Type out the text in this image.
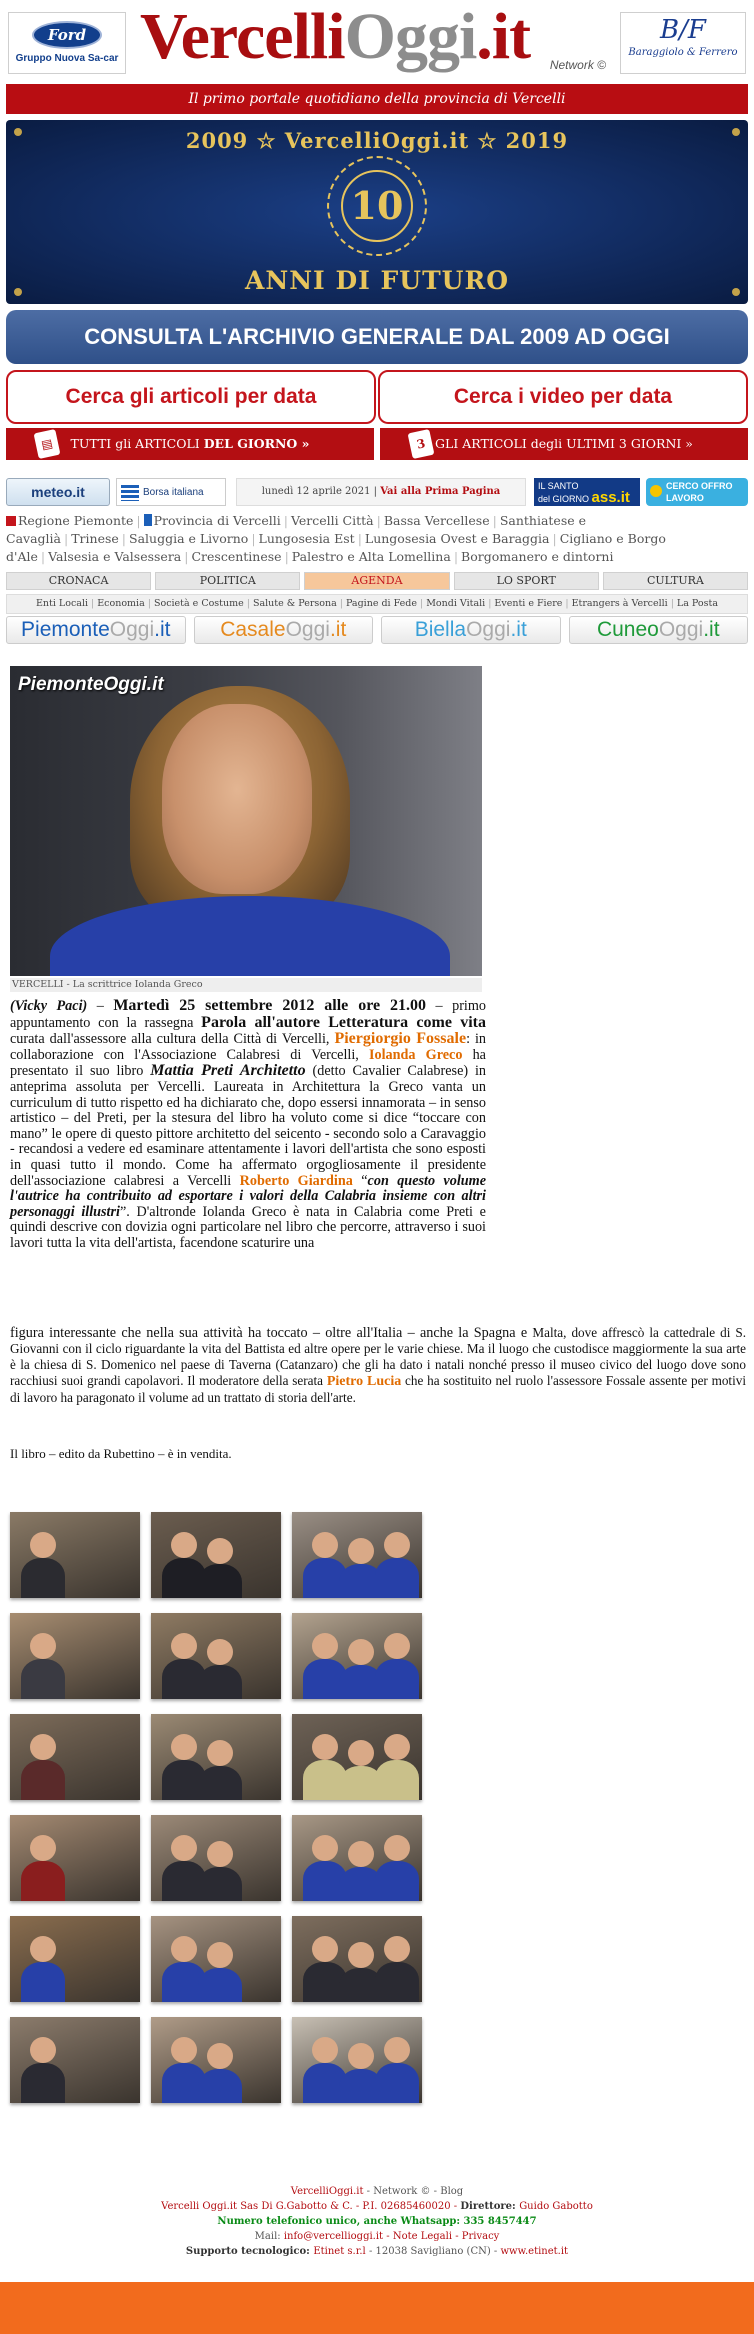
Ford
Gruppo Nuova Sa-car VercelliOggi.it	Network ©
B/F
Baraggiolo & Ferrero
Il primo portale quotidiano della provincia di Vercelli
2009 ☆ VercelliOggi.it ☆ 2019
10
ANNI DI FUTURO
CONSULTA L'ARCHIVIO GENERALE DAL 2009 AD OGGI
Cerca gli articoli per data	Cerca i video per data
▤	TUTTI gli ARTICOLI DEL GIORNO »	3 GLI ARTICOLI degli ULTIMI 3 GIORNI »
meteo.it	Borsa italiana	lunedì 12 aprile 2021 | Vai alla Prima Pagina	IL SANTO
del GIORNO ass.it
CERCO OFFRO
LAVORO
Regione Piemonte | Provincia di Vercelli | Vercelli Città | Bassa Vercellese | Santhiatese e Cavaglià | Trinese | Saluggia e Livorno | Lungosesia Est | Lungosesia Ovest e Baraggia | Cigliano e Borgo d'Ale | Valsesia e Valsessera | Crescentinese | Palestro e Alta Lomellina | Borgomanero e dintorni
CRONACA	POLITICA	AGENDA	LO SPORT	CULTURA
Enti Locali | Economia | Società e Costume | Salute & Persona | Pagine di Fede | Mondi Vitali | Eventi e Fiere | Etrangers à Vercelli | La Posta
PiemonteOggi.it	CasaleOggi.it	BiellaOggi.it	CuneoOggi.it
PiemonteOggi.it
VERCELLI - La scrittrice Iolanda Greco
(Vicky Paci) – Martedì 25 settembre 2012 alle ore 21.00 – primo appuntamento con la rassegna Parola all'autore Letteratura come vita curata dall'assessore alla cultura della Città di Vercelli, Piergiorgio Fossale: in collaborazione con l'Associazione Calabresi di Vercelli, Iolanda Greco ha presentato il suo libro Mattia Preti Architetto (detto Cavalier Calabrese) in anteprima assoluta per Vercelli. Laureata in Architettura la Greco vanta un curriculum di tutto rispetto ed ha dichiarato che, dopo essersi innamorata – in senso artistico – del Preti, per la stesura del libro ha voluto come si dice “toccare con mano” le opere di questo pittore architetto del seicento - secondo solo a Caravaggio - recandosi a vedere ed esaminare attentamente i lavori dell'artista che sono esposti in quasi tutto il mondo. Come ha affermato orgogliosamente il presidente dell'associazione calabresi a Vercelli Roberto Giardina “con questo volume l'autrice ha contribuito ad esportare i valori della Calabria insieme con altri personaggi illustri”. D'altronde Iolanda Greco è nata in Calabria come Preti e quindi descrive con dovizia ogni particolare nel libro che percorre, attraverso i suoi lavori tutta la vita dell'artista, facendone scaturire una
figura interessante che nella sua attività ha toccato – oltre all'Italia – anche la Spagna e Malta, dove affrescò la cattedrale di S. Giovanni con il ciclo riguardante la vita del Battista ed altre opere per le varie chiese. Ma il luogo che custodisce maggiormente la sua arte è la chiesa di S. Domenico nel paese di Taverna (Catanzaro) che gli ha dato i natali nonché presso il museo civico del luogo dove sono racchiusi suoi grandi capolavori. Il moderatore della serata Pietro Lucia che ha sostituito nel ruolo l'assessore Fossale assente per motivi di lavoro ha paragonato il volume ad un trattato di storia dell'arte.
Il libro – edito da Rubettino – è in vendita.
VercelliOggi.it - Network © - Blog
Vercelli Oggi.it Sas Di G.Gabotto & C. - P.I. 02685460020 - Direttore: Guido Gabotto
Numero telefonico unico, anche Whatsapp: 335 8457447
Mail: info@vercellioggi.it - Note Legali - Privacy
Supporto tecnologico: Etinet s.r.l - 12038 Savigliano (CN) - www.etinet.it
